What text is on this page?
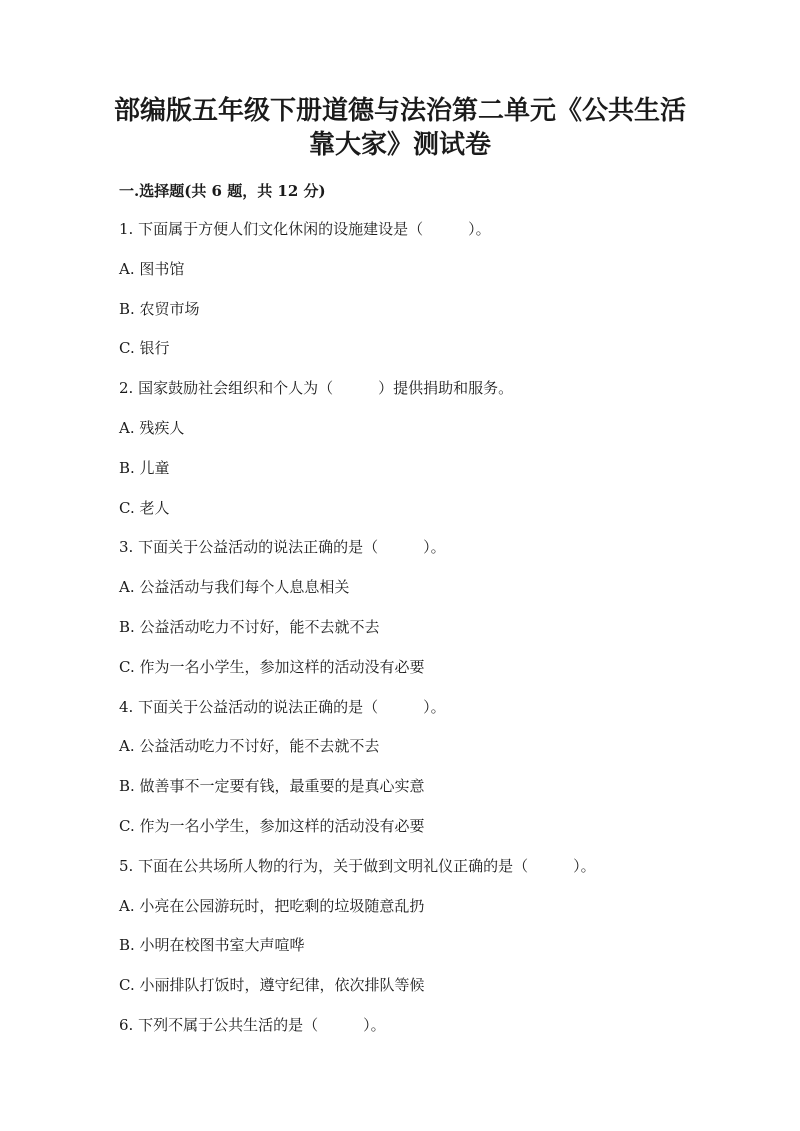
部编版五年级下册道德与法治第二单元《公共生活
靠大家》测试卷
一.选择题(共 6 题，共 12 分)
1. 下面属于方便人们文化休闲的设施建设是（　　　）。
A. 图书馆
B. 农贸市场
C. 银行
2. 国家鼓励社会组织和个人为（　　　）提供捐助和服务。
A. 残疾人
B. 儿童
C. 老人
3. 下面关于公益活动的说法正确的是（　　　）。
A. 公益活动与我们每个人息息相关
B. 公益活动吃力不讨好，能不去就不去
C. 作为一名小学生，参加这样的活动没有必要
4. 下面关于公益活动的说法正确的是（　　　）。
A. 公益活动吃力不讨好，能不去就不去
B. 做善事不一定要有钱，最重要的是真心实意
C. 作为一名小学生，参加这样的活动没有必要
5. 下面在公共场所人物的行为，关于做到文明礼仪正确的是（　　　）。
A. 小亮在公园游玩时，把吃剩的垃圾随意乱扔
B. 小明在校图书室大声喧哗
C. 小丽排队打饭时，遵守纪律，依次排队等候
6. 下列不属于公共生活的是（　　　）。
